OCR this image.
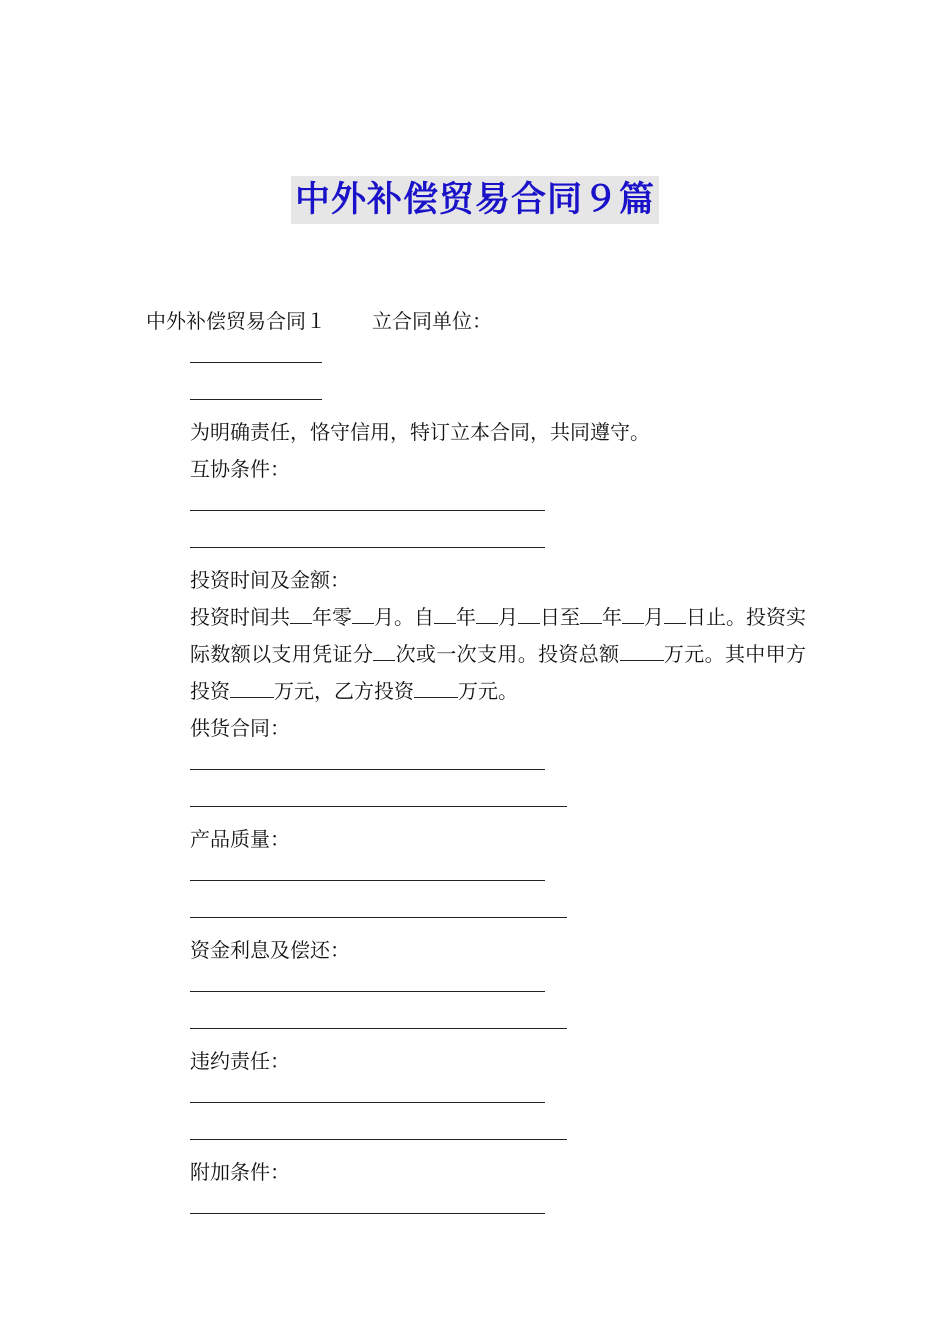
中外补偿贸易合同９篇
中外补偿贸易合同１ 立合同单位：
为明确责任，恪守信用，特订立本合同，共同遵守。
互协条件：
投资时间及金额：
投资时间共 年零 月。自 年 月 日至 年 月 日止。投资实际数额以支用凭证分 次或一次支用。投资总额 万元。其中甲方投资 万元，乙方投资 万元。
供货合同：
产品质量：
资金利息及偿还：
违约责任：
附加条件：
